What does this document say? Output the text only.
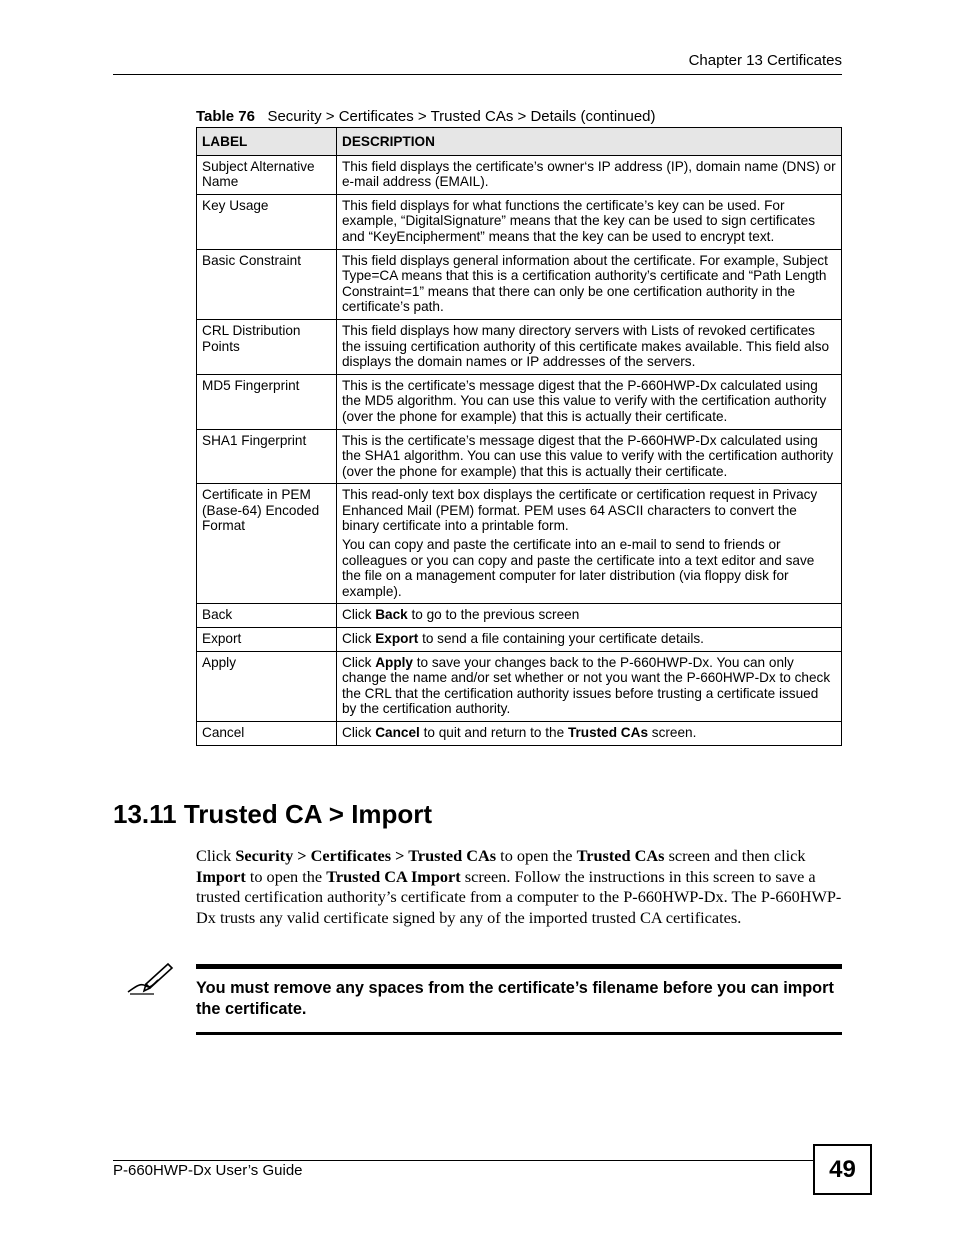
Chapter 13 Certificates
Table 76 Security > Certificates > Trusted CAs > Details (continued)
LABEL	DESCRIPTION
Subject Alternative Name	This field displays the certificate’s owner‘s IP address (IP), domain name (DNS) or e-mail address (EMAIL).

Key Usage	This field displays for what functions the certificate’s key can be used. For example, “DigitalSignature” means that the key can be used to sign certificates and “KeyEncipherment” means that the key can be used to encrypt text.

Basic Constraint	This field displays general information about the certificate. For example, Subject Type=CA means that this is a certification authority’s certificate and “Path Length Constraint=1” means that there can only be one certification authority in the certificate’s path.

CRL Distribution Points	This field displays how many directory servers with Lists of revoked certificates the issuing certification authority of this certificate makes available. This field also displays the domain names or IP addresses of the servers.

MD5 Fingerprint	This is the certificate’s message digest that the P-660HWP-Dx calculated using the MD5 algorithm. You can use this value to verify with the certification authority (over the phone for example) that this is actually their certificate.

SHA1 Fingerprint	This is the certificate’s message digest that the P-660HWP-Dx calculated using the SHA1 algorithm. You can use this value to verify with the certification authority (over the phone for example) that this is actually their certificate.

Certificate in PEM (Base-64) Encoded Format	This read-only text box displays the certificate or certification request in Privacy Enhanced Mail (PEM) format. PEM uses 64 ASCII characters to convert the binary certificate into a printable form.
You can copy and paste the certificate into an e-mail to send to friends or colleagues or you can copy and paste the certificate into a text editor and save the file on a management computer for later distribution (via floppy disk for example).

Back	Click Back to go to the previous screen

Export	Click Export to send a file containing your certificate details.

Apply	Click Apply to save your changes back to the P-660HWP-Dx. You can only change the name and/or set whether or not you want the P-660HWP-Dx to check the CRL that the certification authority issues before trusting a certificate issued by the certification authority.

Cancel	Click Cancel to quit and return to the Trusted CAs screen.
13.11 Trusted CA > Import
Click Security > Certificates > Trusted CAs to open the Trusted CAs screen and then click Import to open the Trusted CA Import screen. Follow the instructions in this screen to save a trusted certification authority’s certificate from a computer to the P-660HWP-Dx. The P-660HWP-Dx trusts any valid certificate signed by any of the imported trusted CA certificates.
You must remove any spaces from the certificate’s filename before you can import the certificate.
P-660HWP-Dx User’s Guide	49
